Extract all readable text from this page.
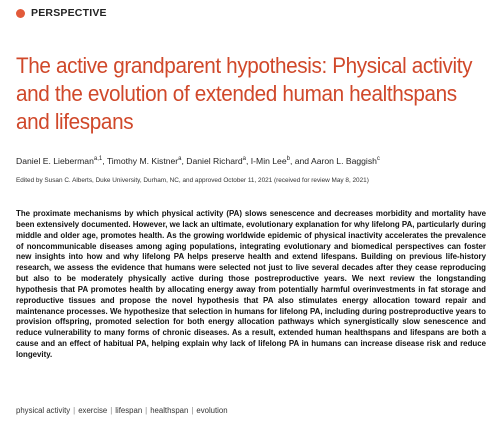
PERSPECTIVE
The active grandparent hypothesis: Physical activity and the evolution of extended human healthspans and lifespans
Daniel E. Lieberman$^{a,1}$, Timothy M. Kistner$^a$, Daniel Richard$^a$, I-Min Lee$^b$, and Aaron L. Baggish$^c$
Edited by Susan C. Alberts, Duke University, Durham, NC, and approved October 11, 2021 (received for review May 8, 2021)
The proximate mechanisms by which physical activity (PA) slows senescence and decreases morbidity and mortality have been extensively documented. However, we lack an ultimate, evolutionary explanation for why lifelong PA, particularly during middle and older age, promotes health. As the growing worldwide epidemic of physical inactivity accelerates the prevalence of noncommunicable diseases among aging populations, integrating evolutionary and biomedical perspectives can foster new insights into how and why lifelong PA helps preserve health and extend lifespans. Building on previous life-history research, we assess the evidence that humans were selected not just to live several decades after they cease reproducing but also to be moderately physically active during those postreproductive years. We next review the longstanding hypothesis that PA promotes health by allocating energy away from potentially harmful overinvestments in fat storage and reproductive tissues and propose the novel hypothesis that PA also stimulates energy allocation toward repair and maintenance processes. We hypothesize that selection in humans for lifelong PA, including during postreproductive years to provision offspring, promoted selection for both energy allocation pathways which synergistically slow senescence and reduce vulnerability to many forms of chronic diseases. As a result, extended human healthspans and lifespans are both a cause and an effect of habitual PA, helping explain why lack of lifelong PA in humans can increase disease risk and reduce longevity.
physical activity | exercise | lifespan | healthspan | evolution
